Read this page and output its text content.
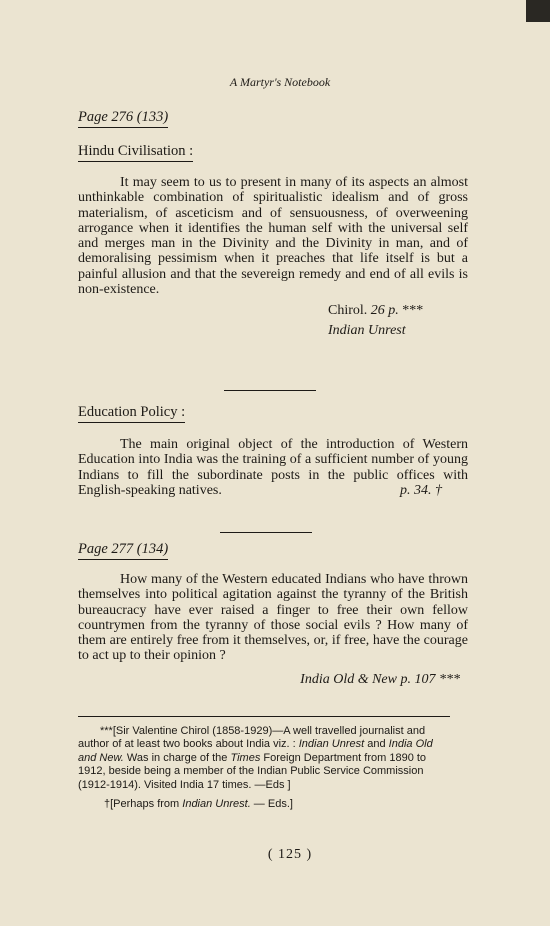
A Martyr's Notebook
Page 276 (133)
Hindu Civilisation :

It may seem to us to present in many of its aspects an almost unthinkable combination of spiritualistic idealism and of gross materialism, of asceticism and of sensuousness, of overweening arrogance when it identifies the human self with the universal self and merges man in the Divinity and the Divinity in man, and of demoralising pessimism when it preaches that life itself is but a painful allusion and that the severeign remedy and end of all evils is non-existence.

Chirol. 26 p. ***
Indian Unrest
Education Policy :

The main original object of the introduction of Western Education into India was the training of a sufficient number of young Indians to fill the subordinate posts in the public offices with English-speaking natives.	p. 34. †
Page 277 (134)

How many of the Western educated Indians who have thrown themselves into political agitation against the tyranny of the British bureaucracy have ever raised a finger to free their own fellow countrymen from the tyranny of those social evils ? How many of them are entirely free from it themselves, or, if free, have the courage to act up to their opinion ?

India Old & New p. 107 ***
***[Sir Valentine Chirol (1858-1929)—A well travelled journalist and author of at least two books about India viz. : Indian Unrest and India Old and New. Was in charge of the Times Foreign Department from 1890 to 1912, beside being a member of the Indian Public Service Commission (1912-1914). Visited India 17 times. —Eds ]
†[Perhaps from Indian Unrest. — Eds.]
( 125 )
